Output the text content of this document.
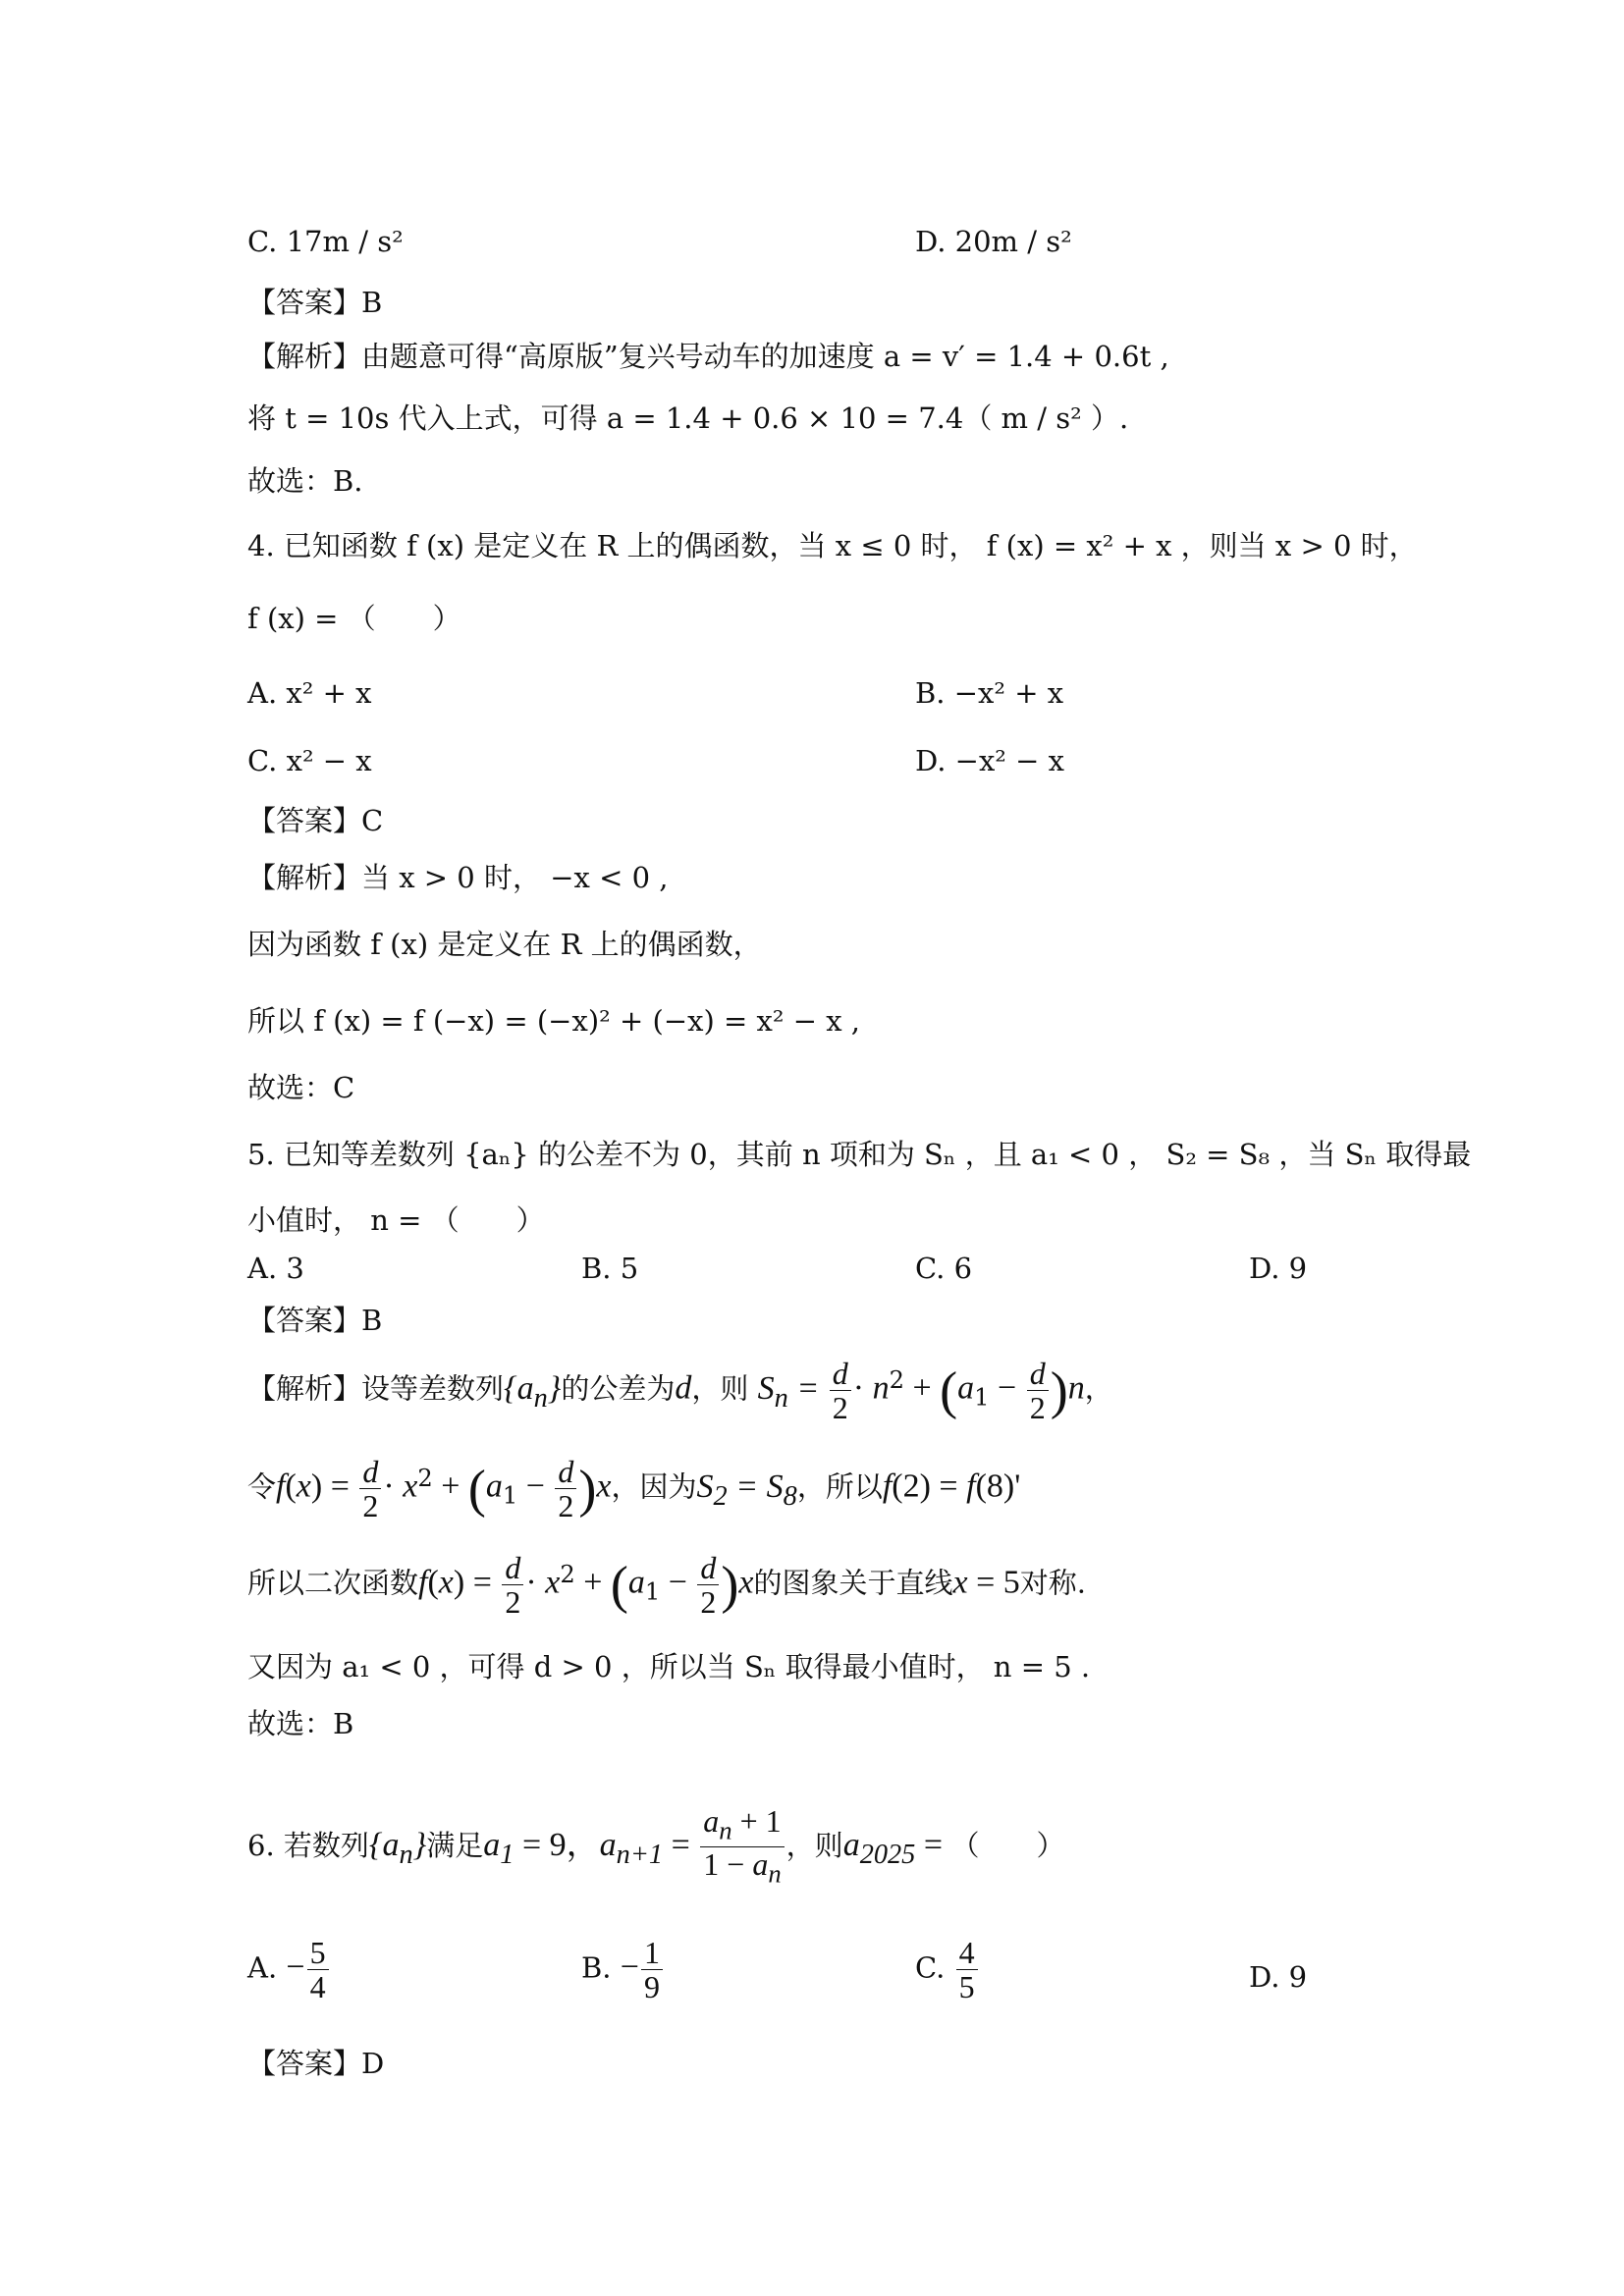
C. 17m / s²	D. 20m / s²
【答案】B
【解析】由题意可得“高原版”复兴号动车的加速度 a = v′ = 1.4 + 0.6t ,
将 t = 10s 代入上式，可得 a = 1.4 + 0.6 × 10 = 7.4（ m / s² ）.
故选：B.
4. 已知函数 f (x) 是定义在 R 上的偶函数，当 x ≤ 0 时， f (x) = x² + x ，则当 x > 0 时，
f (x) = （　　）
A. x² + x	B. −x² + x
C. x² − x	D. −x² − x
【答案】C
【解析】当 x > 0 时， −x < 0 ,
因为函数 f (x) 是定义在 R 上的偶函数，
所以 f (x) = f (−x) = (−x)² + (−x) = x² − x ,
故选：C
5. 已知等差数列 {aₙ} 的公差不为 0，其前 n 项和为 Sₙ ，且 a₁ < 0 ， S₂ = S₈ ，当 Sₙ 取得最
小值时， n = （　　）
A. 3	B. 5	C. 6	D. 9
【答案】B
【解析】设等差数列$\{a_n\}$的公差为d，则 $S_n = \frac{d}{2} \cdot n^2 + (a_1 - \frac{d}{2} )n$，
令$f(x) = \frac{d}{2} \cdot x^2 + (a_1 - \frac{d}{2} )x$，因为$S_2 = S_8$，所以f(2) = f(8)'
所以二次函数$f(x) = \frac{d}{2} \cdot x^2 + (a_1 - \frac{d}{2} )x$的图象关于直线x = 5对称.
又因为 a₁ < 0 ，可得 d > 0 ，所以当 Sₙ 取得最小值时， n = 5 .
故选：B
6. 若数列$\{a_n\}$满足$a_1 = 9$，$a_{n+1} = \frac{a_n + 1}{1 - a_n}$ ，则$a_{2025}$ = （　　）
A. − $\frac{5}{4}$	B. − $\frac{1}{9}$	C. $\frac{4}{5}$	D. 9
【答案】D
